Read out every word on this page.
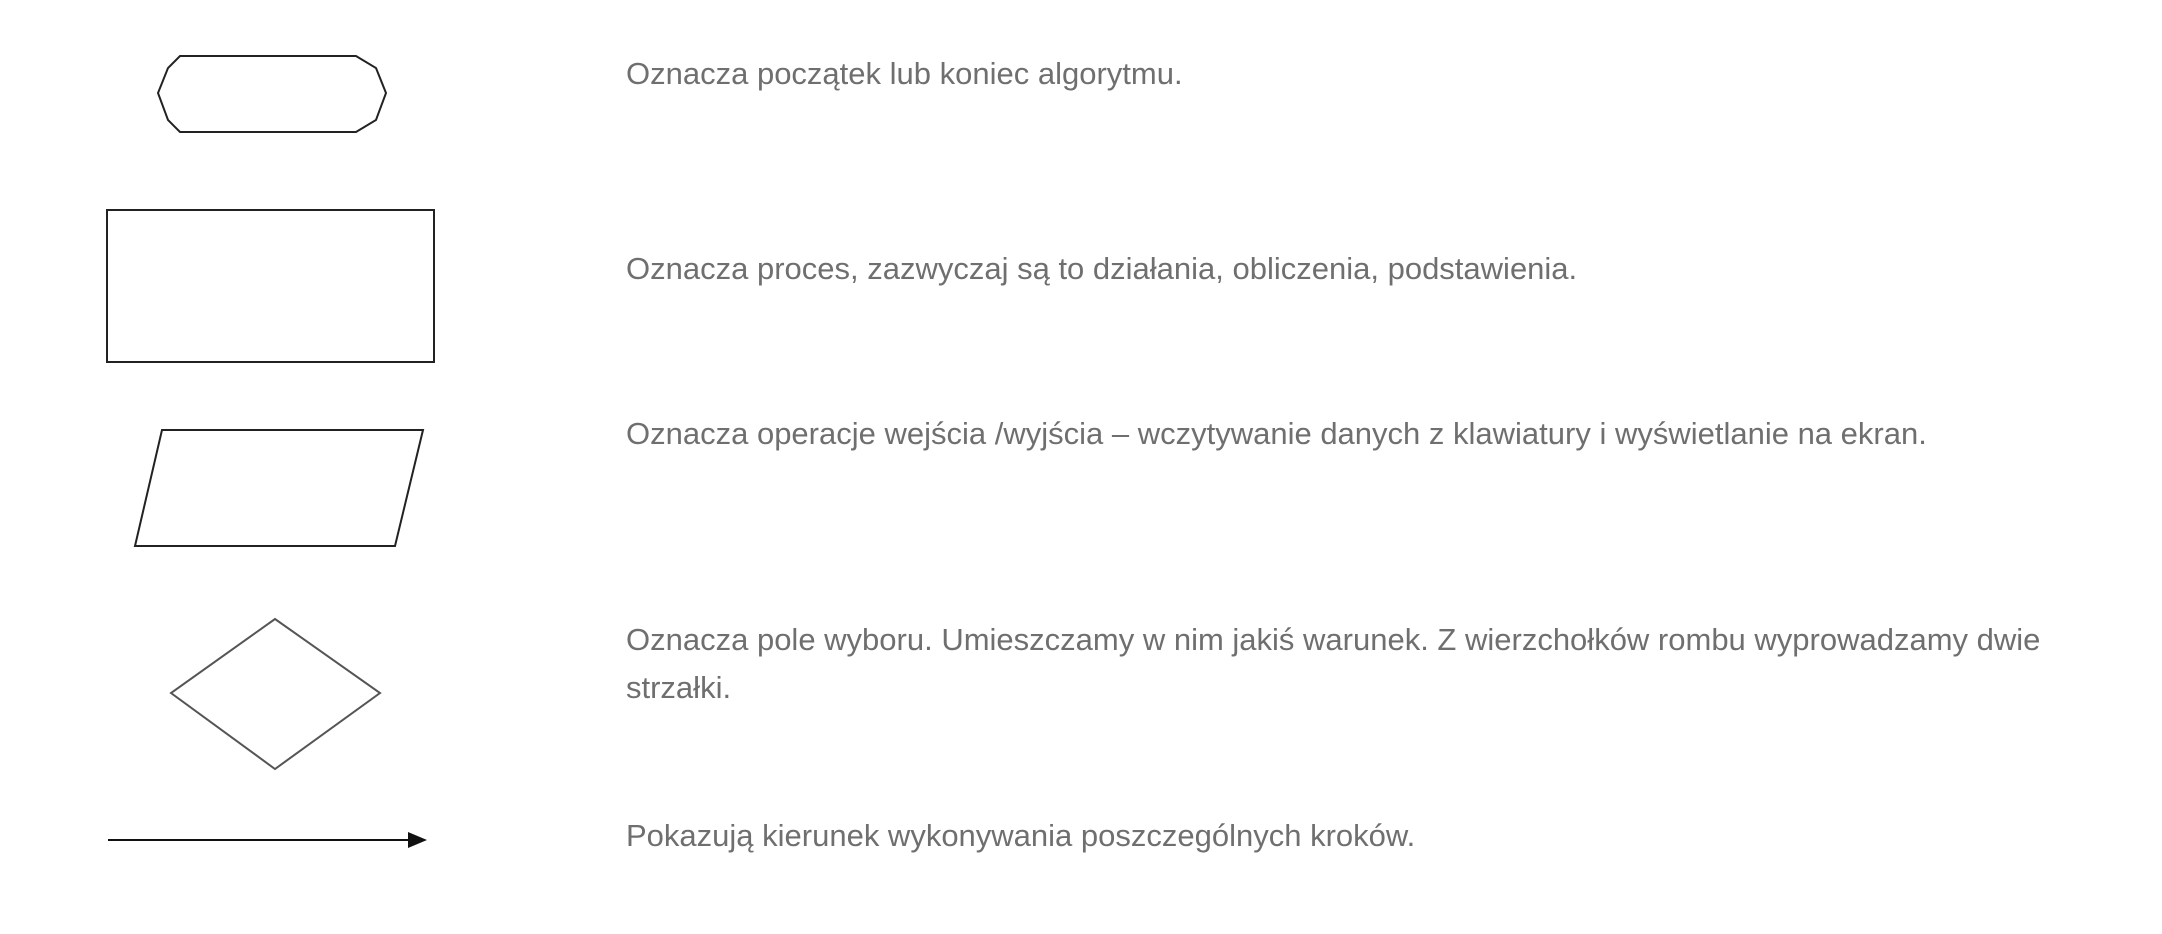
Oznacza początek lub koniec algorytmu.

Oznacza proces, zazwyczaj są to działania, obliczenia, podstawienia.

Oznacza operacje wejścia /wyjścia – wczytywanie danych z klawiatury i wyświetlanie na ekran.

Oznacza pole wyboru. Umieszczamy w nim jakiś warunek. Z wierzchołków rombu wyprowadzamy dwie strzałki.

Pokazują kierunek wykonywania poszczególnych kroków.
